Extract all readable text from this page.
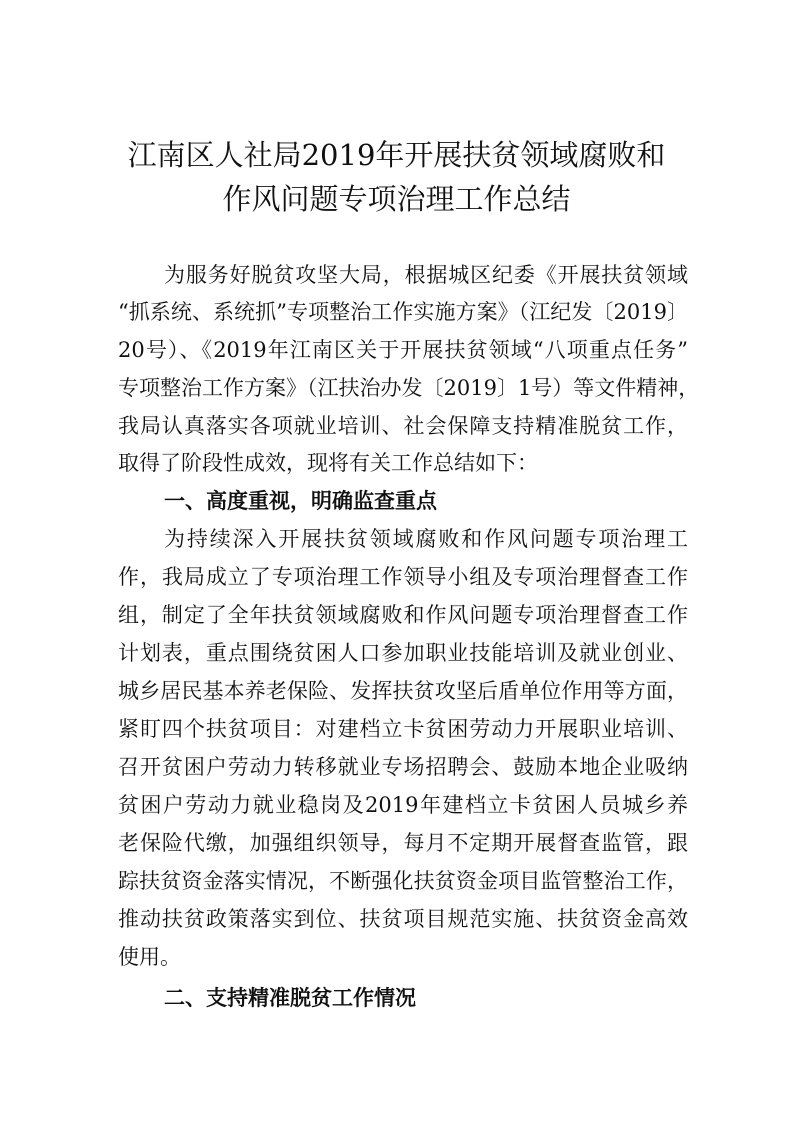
江南区人社局2019年开展扶贫领域腐败和
作风问题专项治理工作总结
为服务好脱贫攻坚大局，根据城区纪委《开展扶贫领域
“抓系统、系统抓”专项整治工作实施方案》（江纪发〔2019〕
20号）、《2019年江南区关于开展扶贫领域“八项重点任务”
专项整治工作方案》（江扶治办发〔2019〕1号）等文件精神，
我局认真落实各项就业培训、社会保障支持精准脱贫工作，
取得了阶段性成效，现将有关工作总结如下：
一、高度重视，明确监查重点
为持续深入开展扶贫领域腐败和作风问题专项治理工
作，我局成立了专项治理工作领导小组及专项治理督查工作
组，制定了全年扶贫领域腐败和作风问题专项治理督查工作
计划表，重点围绕贫困人口参加职业技能培训及就业创业、
城乡居民基本养老保险、发挥扶贫攻坚后盾单位作用等方面，
紧盯四个扶贫项目：对建档立卡贫困劳动力开展职业培训、
召开贫困户劳动力转移就业专场招聘会、鼓励本地企业吸纳
贫困户劳动力就业稳岗及2019年建档立卡贫困人员城乡养
老保险代缴，加强组织领导，每月不定期开展督查监管，跟
踪扶贫资金落实情况，不断强化扶贫资金项目监管整治工作，
推动扶贫政策落实到位、扶贫项目规范实施、扶贫资金高效
使用。
二、支持精准脱贫工作情况
